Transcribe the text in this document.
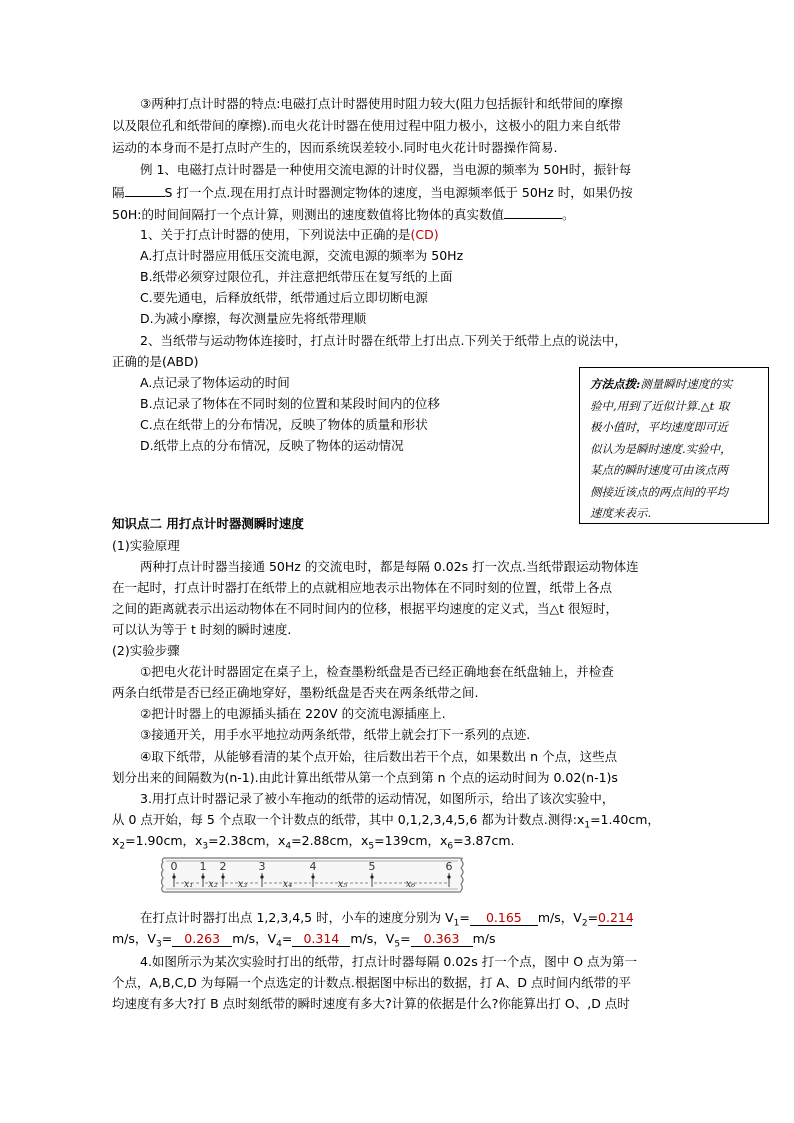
③两种打点计时器的特点:电磁打点计时器使用时阻力较大(阻力包括振针和纸带间的摩擦
以及限位孔和纸带间的摩擦).而电火花计时器在使用过程中阻力极小，这极小的阻力来自纸带
运动的本身而不是打点时产生的，因而系统误差较小.同时电火花计时器操作简易.
例 1、电磁打点计时器是一种使用交流电源的计时仪器，当电源的频率为 50H时，振针每
隔	S 打一个点.现在用打点计时器测定物体的速度，当电源频率低于 50Hz 时，如果仍按
50H:的时间间隔打一个点计算，则测出的速度数值将比物体的真实数值	。
1、关于打点计时器的使用，下列说法中正确的是(CD)
A.打点计时器应用低压交流电源，交流电源的频率为 50Hz
B.纸带必须穿过限位孔，并注意把纸带压在复写纸的上面
C.要先通电，后释放纸带，纸带通过后立即切断电源
D.为减小摩擦，每次测量应先将纸带理顺
2、当纸带与运动物体连接时，打点计时器在纸带上打出点.下列关于纸带上点的说法中，
正确的是(ABD)
A.点记录了物体运动的时间
B.点记录了物体在不同时刻的位置和某段时间内的位移
C.点在纸带上的分布情况，反映了物体的质量和形状
D.纸带上点的分布情况，反映了物体的运动情况
方法点拨:测量瞬时速度的实
验中,用到了近似计算.△t 取
极小值时，平均速度即可近
似认为是瞬时速度.实验中，
某点的瞬时速度可由该点两
侧接近该点的两点间的平均
速度来表示.
知识点二 用打点计时器测瞬时速度
(1)实验原理
两种打点计时器当接通 50Hz 的交流电时，都是每隔 0.02s 打一次点.当纸带跟运动物体连
在一起时，打点计时器打在纸带上的点就相应地表示出物体在不同时刻的位置，纸带上各点
之间的距离就表示出运动物体在不同时间内的位移，根据平均速度的定义式，当△t 很短时，
可以认为等于 t 时刻的瞬时速度.
(2)实验步骤
①把电火花计时器固定在桌子上，检查墨粉纸盘是否已经正确地套在纸盘轴上，并检查
两条白纸带是否已经正确地穿好，墨粉纸盘是否夹在两条纸带之间.
②把计时器上的电源插头插在 220V 的交流电源插座上.
③接通开关，用手水平地拉动两条纸带，纸带上就会打下一系列的点迹.
④取下纸带，从能够看清的某个点开始，往后数出若干个点，如果数出 n 个点，这些点
划分出来的间隔数为(n-1).由此计算出纸带从第一个点到第 n 个点的运动时间为 0.02(n-1)s
3.用打点计时器记录了被小车拖动的纸带的运动情况，如图所示，给出了该次实验中，
从 0 点开始，每 5 个点取一个计数点的纸带，其中 0,1,2,3,4,5,6 都为计数点.测得$:x_1=1.40cm$，
$x_2=1.90cm$，$x_3=2.38cm$，$x_4=2.88cm$，$x_5=139cm$，$x_6=3.87cm$.
0 1 2	3	4	5	6
x₁ x₂ x₃	x₄	x₅	x₆
在打点计时器打出点 1,2,3,4,5 时，小车的速度分别为 $V_1= 0.165$ m/s，$V_2=0.214$
m/s，$V_3= 0.263$ m/s，$V_4= 0.314$ m/s，$V_5= 0.363$ m/s
4.如图所示为某次实验时打出的纸带，打点计时器每隔 0.02s 打一个点，图中 O 点为第一
个点，A,B,C,D 为每隔一个点选定的计数点.根据图中标出的数据，打 A、D 点时间内纸带的平
均速度有多大?打 B 点时刻纸带的瞬时速度有多大?计算的依据是什么?你能算出打 O、,D 点时
